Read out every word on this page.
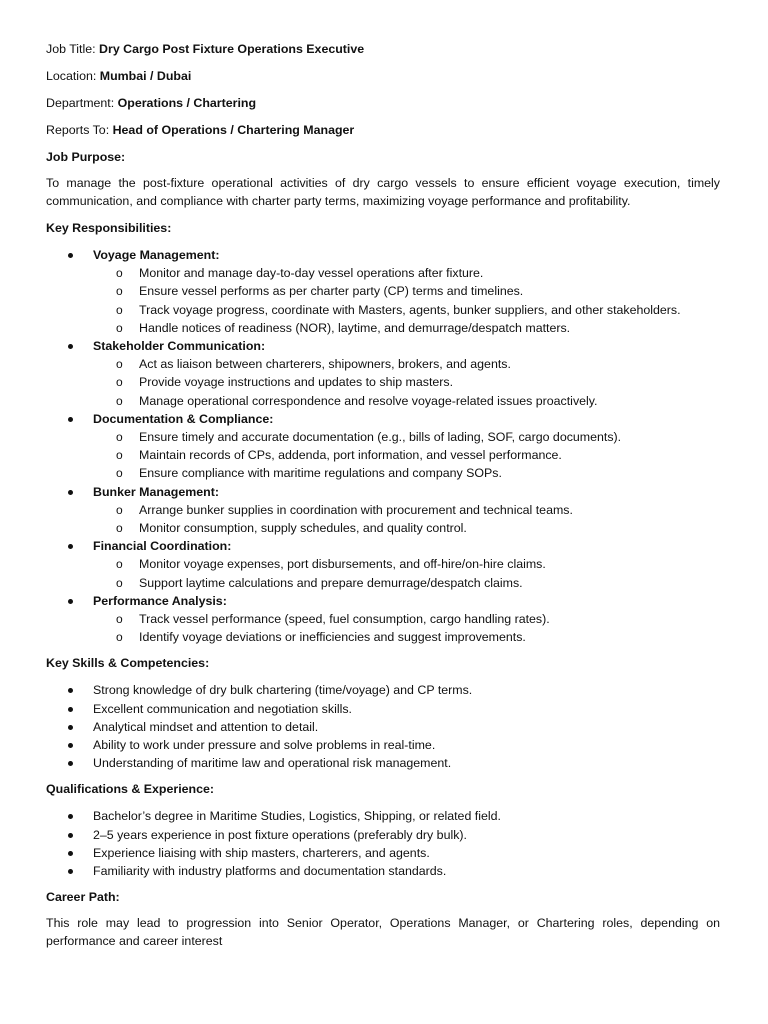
Job Title: Dry Cargo Post Fixture Operations Executive

Location: Mumbai / Dubai

Department: Operations / Chartering

Reports To: Head of Operations / Chartering Manager

Job Purpose:

To manage the post-fixture operational activities of dry cargo vessels to ensure efficient voyage execution, timely communication, and compliance with charter party terms, maximizing voyage performance and profitability.

Key Responsibilities:

Voyage Management:
o Monitor and manage day-to-day vessel operations after fixture.
o Ensure vessel performs as per charter party (CP) terms and timelines.
o Track voyage progress, coordinate with Masters, agents, bunker suppliers, and other stakeholders.
o Handle notices of readiness (NOR), laytime, and demurrage/despatch matters.
Stakeholder Communication:
o Act as liaison between charterers, shipowners, brokers, and agents.
o Provide voyage instructions and updates to ship masters.
o Manage operational correspondence and resolve voyage-related issues proactively.
Documentation & Compliance:
o Ensure timely and accurate documentation (e.g., bills of lading, SOF, cargo documents).
o Maintain records of CPs, addenda, port information, and vessel performance.
o Ensure compliance with maritime regulations and company SOPs.
Bunker Management:
o Arrange bunker supplies in coordination with procurement and technical teams.
o Monitor consumption, supply schedules, and quality control.
Financial Coordination:
o Monitor voyage expenses, port disbursements, and off-hire/on-hire claims.
o Support laytime calculations and prepare demurrage/despatch claims.
Performance Analysis:
o Track vessel performance (speed, fuel consumption, cargo handling rates).
o Identify voyage deviations or inefficiencies and suggest improvements.

Key Skills & Competencies:

Strong knowledge of dry bulk chartering (time/voyage) and CP terms.
Excellent communication and negotiation skills.
Analytical mindset and attention to detail.
Ability to work under pressure and solve problems in real-time.
Understanding of maritime law and operational risk management.

Qualifications & Experience:

Bachelor’s degree in Maritime Studies, Logistics, Shipping, or related field.
2–5 years experience in post fixture operations (preferably dry bulk).
Experience liaising with ship masters, charterers, and agents.
Familiarity with industry platforms and documentation standards.

Career Path:

This role may lead to progression into Senior Operator, Operations Manager, or Chartering roles, depending on performance and career interest
